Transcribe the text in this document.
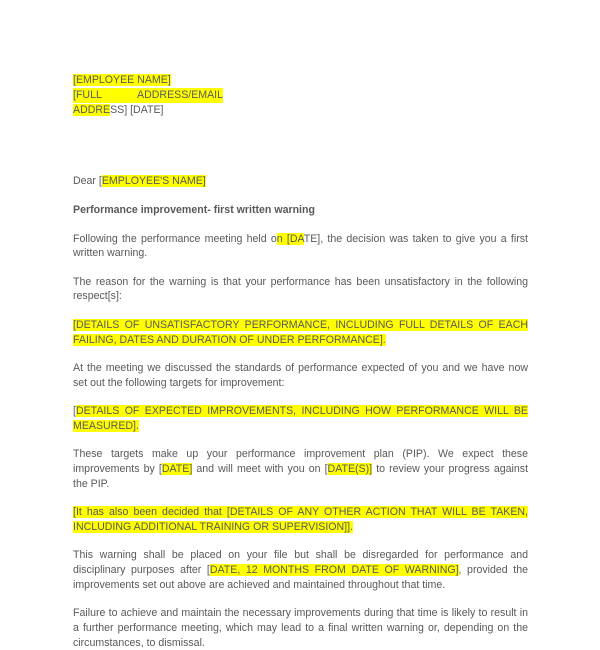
[EMPLOYEE NAME]
[FULL	ADDRESS/EMAIL
ADDRESS] [DATE]

Dear [EMPLOYEE'S NAME]

Performance improvement- first written warning

Following the performance meeting held on [DATE], the decision was taken to give you a first written warning.

The reason for the warning is that your performance has been unsatisfactory in the following respect[s]:

[DETAILS OF UNSATISFACTORY PERFORMANCE, INCLUDING FULL DETAILS OF EACH FAILING, DATES AND DURATION OF UNDER PERFORMANCE].

At the meeting we discussed the standards of performance expected of you and we have now set out the following targets for improvement:

[DETAILS OF EXPECTED IMPROVEMENTS, INCLUDING HOW PERFORMANCE WILL BE MEASURED].

These targets make up your performance improvement plan (PIP). We expect these improvements by [DATE] and will meet with you on [DATE(S)] to review your progress against the PIP.

[It has also been decided that [DETAILS OF ANY OTHER ACTION THAT WILL BE TAKEN, INCLUDING ADDITIONAL TRAINING OR SUPERVISION]].

This warning shall be placed on your file but shall be disregarded for performance and disciplinary purposes after [DATE, 12 MONTHS FROM DATE OF WARNING], provided the improvements set out above are achieved and maintained throughout that time.

Failure to achieve and maintain the necessary improvements during that time is likely to result in a further performance meeting, which may lead to a final written warning or, depending on the circumstances, to dismissal.
